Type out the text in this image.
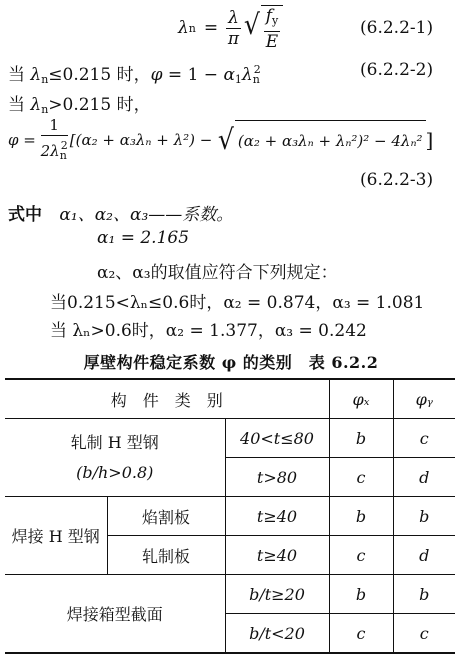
λ $n = \frac{\lambda}{\pi}$ √ $\frac{f_y}{E}$	(6.2.2-1)
当 $\lambda_n\le 0.215$ 时，$\varphi = 1 - \alpha_1\lambda_n^2$	(6.2.2-2)
当 $\lambda_n>0.215$ 时，
$\varphi = \frac{1}{2\lambda_n^2} [(\alpha_2 + \alpha_3\lambda_n + \lambda^2)$ − √ (α₂ + α₃λₙ + λₙ²)² − 4λₙ² ]
(6.2.2-3)
式中 α₁、α₂、α₃——系数。
α₁ = 2.165
α₂、α₃的取值应符合下列规定：
当0.215<λₙ≤0.6时，α₂ = 0.874，α₃ = 1.081
当 λₙ>0.6时，α₂ = 1.377，α₃ = 0.242
厚壁构件稳定系数 φ 的类别　表 6.2.2
构　件　类　别			φₓ	φᵧ

轧制 H 型钢
(b/h>0.8)		40<t≤80	b	c
		t>80	c	d
焊接 H 型钢	焰割板	t≥40	b	b
	轧制板	t≥40	c	d
焊接箱型截面		b/t≥20	b	b
		b/t<20	c	c
